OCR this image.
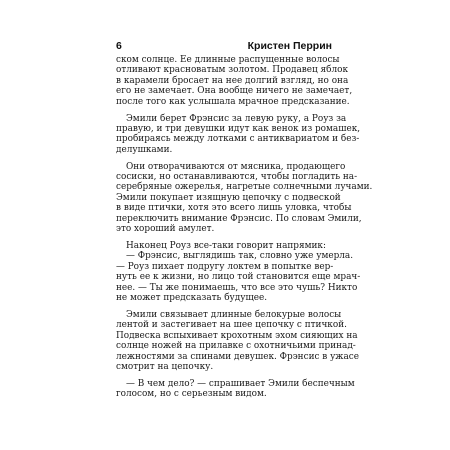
6	Кристен Перрин
ском солнце. Ее длинные распущенные волосы
отливают красноватым золотом. Продавец яблок
в карамели бросает на нее долгий взгляд, но она
его не замечает. Она вообще ничего не замечает,
после того как услышала мрачное предсказание.
Эмили берет Фрэнсис за левую руку, а Роуз за
правую, и три девушки идут как венок из ромашек,
пробираясь между лотками с антиквариатом и без-
делушками.
Они отворачиваются от мясника, продающего
сосиски, но останавливаются, чтобы погладить на-
серебряные ожерелья, нагретые солнечными лучами.
Эмили покупает изящную цепочку с подвеской
в виде птички, хотя это всего лишь уловка, чтобы
переключить внимание Фрэнсис. По словам Эмили,
это хороший амулет.
Наконец Роуз все-таки говорит напрямик:
— Фрэнсис, выглядишь так, словно уже умерла.
— Роуз пихает подругу локтем в попытке вер-
нуть ее к жизни, но лицо той становится еще мрач-
нее. — Ты же понимаешь, что все это чушь? Никто
не может предсказать будущее.
Эмили связывает длинные белокурые волосы
лентой и застегивает на шее цепочку с птичкой.
Подвеска вспыхивает крохотным эхом сияющих на
солнце ножей на прилавке с охотничьими принад-
лежностями за спинами девушек. Фрэнсис в ужасе
смотрит на цепочку.
— В чем дело? — спрашивает Эмили беспечным
голосом, но с серьезным видом.
